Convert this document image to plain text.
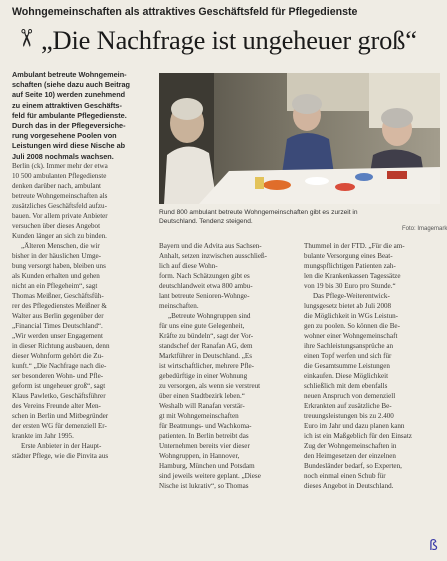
Wohngemeinschaften als attraktives Geschäftsfeld für Pflegedienste
✂ „Die Nachfrage ist ungeheuer groß“
Ambulant betreute Wohngemein-
schaften (siehe dazu auch Beitrag
auf Seite 10) werden zunehmend
zu einem attraktiven Geschäfts-
feld für ambulante Pflegedienste.
Durch das in der Pflegeversiche-
rung vorgesehene Poolen von
Leistungen wird diese Nische ab
Juli 2008 nochmals wachsen.
Berlin (ck). Immer mehr der etwa
10 500 ambulanten Pflegedienste
denken darüber nach, ambulant
betreute Wohngemeinschaften als
zusätzliches Geschäftsfeld aufzu-
bauen. Vor allem private Anbieter
versuchen über dieses Angebot
Kunden länger an sich zu binden.
„Älteren Menschen, die wir
bisher in der häuslichen Umge-
bung versorgt haben, bleiben uns
als Kunden erhalten und gehen
nicht an ein Pflegeheim“, sagt
Thomas Meißner, Geschäftsfüh-
rer des Pflegedienstes Meißner &
Walter aus Berlin gegenüber der
„Financial Times Deutschland“.
„Wir werden unser Engagement
in dieser Richtung ausbauen, denn
dieser Wohnform gehört die Zu-
kunft.“ „Die Nachfrage nach die-
ser besonderen Wohn- und Pfle-
geform ist ungeheuer groß“, sagt
Klaus Pawletko, Geschäftsführer
des Vereins Freunde alter Men-
schen in Berlin und Mitbegründer
der ersten WG für demenziell Er-
krankte im Jahr 1995.
Erste Anbieter in der Haupt-
städter Pflege, wie die Pinvita aus
Rund 800 ambulant betreute Wohngemeinschaften gibt es zurzeit in
Deutschland. Tendenz steigend.
Foto: Imagemark
Bayern und die Advita aus Sachsen-
Anhalt, setzen inzwischen ausschließ-
lich auf diese Wohn-
form. Nach Schätzungen gibt es
deutschlandweit etwa 800 ambu-
lant betreute Senioren-Wohnge-
meinschaften.
„Betreute Wohngruppen sind
für uns eine gute Gelegenheit,
Kräfte zu bündeln“, sagt der Vor-
standschef der Ranafan AG, dem
Marktführer in Deutschland. „Es
ist wirtschaftlicher, mehrere Pfle-
gebedürftige in einer Wohnung
zu versorgen, als wenn sie verstreut
über einen Stadtbezirk leben.“
Weshalb will Ranafan verstär-
gt mit Wohngemeinschaften
für Beatmungs- und Wachkoma-
patienten. In Berlin betreibt das
Unternehmen bereits vier dieser
Wohngruppen, in Hannover,
Hamburg, München und Potsdam
sind jeweils weitere geplant. „Diese
Nische ist lukrativ“, so Thomas
Thummel in der FTD. „Für die am-
bulante Versorgung eines Beat-
mungspflichtigen Patienten zah-
len die Krankenkassen Tagessätze
von 19 bis 30 Euro pro Stunde.“
Das Pflege-Weiterentwick-
lungsgesetz bietet ab Juli 2008
die Möglichkeit in WGs Leistun-
gen zu poolen. So können die Be-
wohner einer Wohngemeinschaft
ihre Sachleistungsansprüche an
einen Topf werfen und sich für
die Gesamtsumme Leistungen
einkaufen. Diese Möglichkeit
schließlich mit dem ebenfalls
neuen Anspruch von demenziell
Erkrankten auf zusätzliche Be-
treuungsleistungen bis zu 2.400
Euro im Jahr und dazu planen kann
ich ist ein Maßgeblich für den Einsatz
Zug der Wohngemeinschaften in
den Heimgesetzen der einzelnen
Bundesländer bedarf, so Experten,
noch einmal einen Schub für
dieses Angebot in Deutschland.
ß
